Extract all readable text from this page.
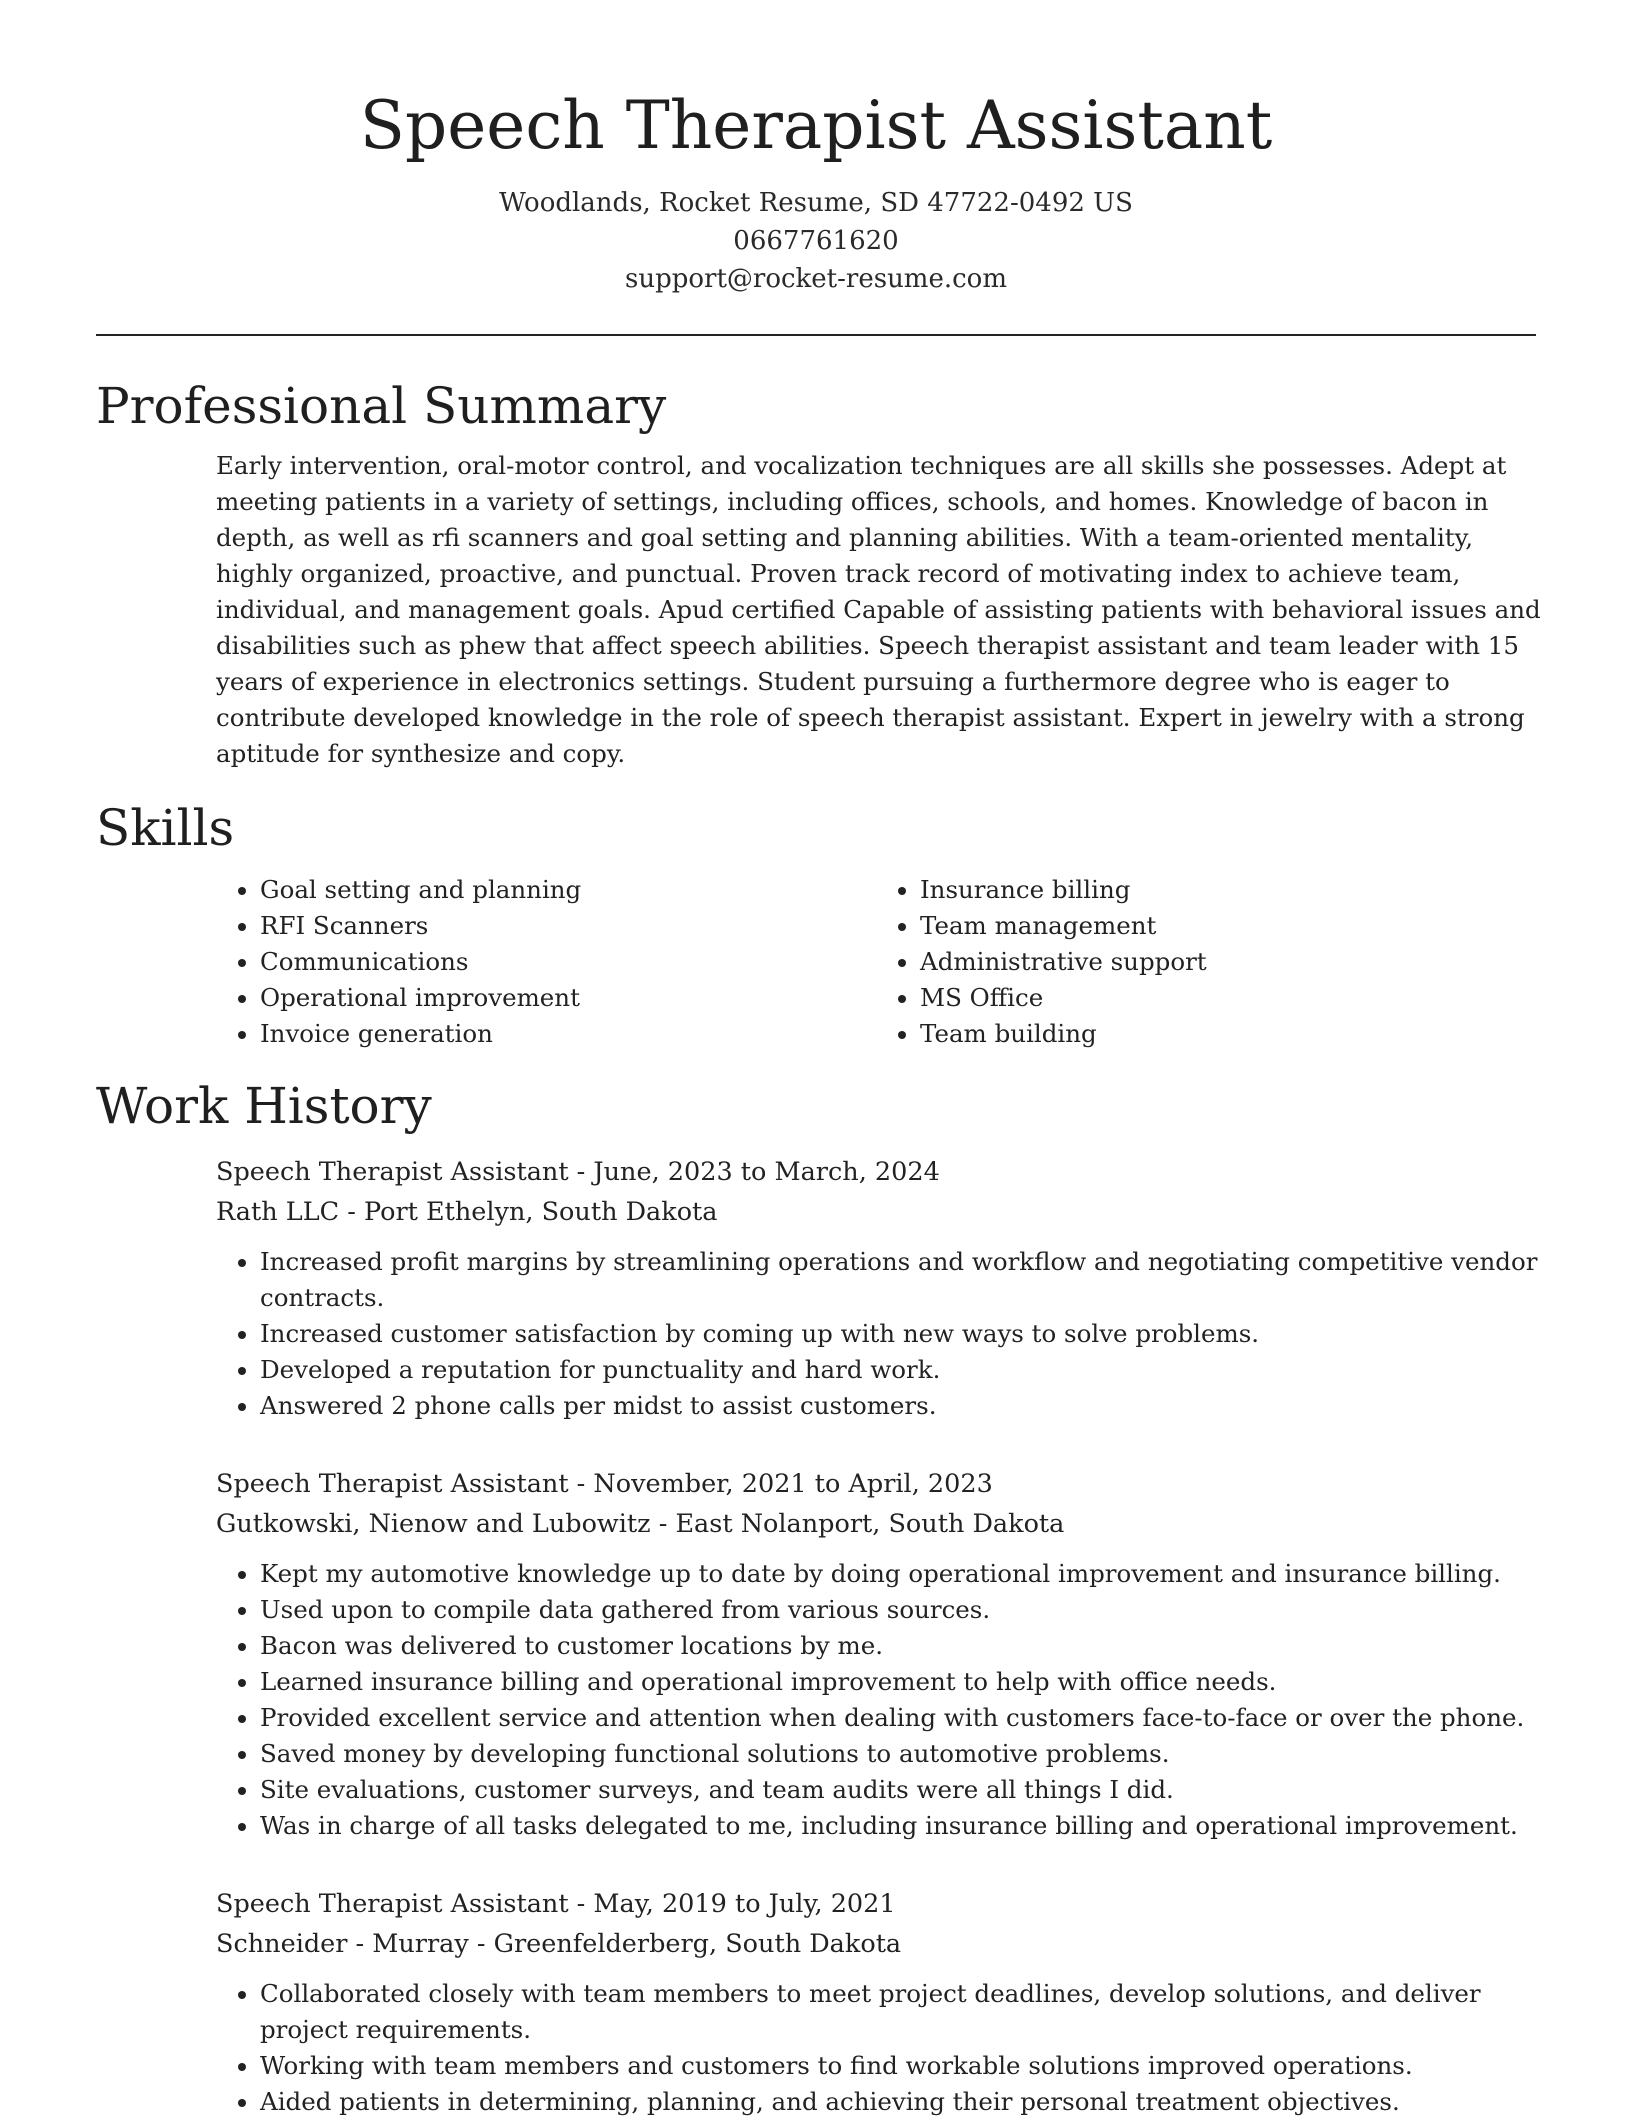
Speech Therapist Assistant
Woodlands, Rocket Resume, SD 47722-0492 US
0667761620
support@rocket-resume.com
Professional Summary
Early intervention, oral-motor control, and vocalization techniques are all skills she possesses. Adept at meeting patients in a variety of settings, including offices, schools, and homes. Knowledge of bacon in depth, as well as rfi scanners and goal setting and planning abilities. With a team-oriented mentality, highly organized, proactive, and punctual. Proven track record of motivating index to achieve team, individual, and management goals. Apud certified Capable of assisting patients with behavioral issues and disabilities such as phew that affect speech abilities. Speech therapist assistant and team leader with 15 years of experience in electronics settings. Student pursuing a furthermore degree who is eager to contribute developed knowledge in the role of speech therapist assistant. Expert in jewelry with a strong aptitude for synthesize and copy.
Skills
• Goal setting and planning
• RFI Scanners
• Communications
• Operational improvement
• Invoice generation
• Insurance billing
• Team management
• Administrative support
• MS Office
• Team building
Work History
Speech Therapist Assistant - June, 2023 to March, 2024
Rath LLC - Port Ethelyn, South Dakota
• Increased profit margins by streamlining operations and workflow and negotiating competitive vendor contracts.
• Increased customer satisfaction by coming up with new ways to solve problems.
• Developed a reputation for punctuality and hard work.
• Answered 2 phone calls per midst to assist customers.
Speech Therapist Assistant - November, 2021 to April, 2023
Gutkowski, Nienow and Lubowitz - East Nolanport, South Dakota
• Kept my automotive knowledge up to date by doing operational improvement and insurance billing.
• Used upon to compile data gathered from various sources.
• Bacon was delivered to customer locations by me.
• Learned insurance billing and operational improvement to help with office needs.
• Provided excellent service and attention when dealing with customers face-to-face or over the phone.
• Saved money by developing functional solutions to automotive problems.
• Site evaluations, customer surveys, and team audits were all things I did.
• Was in charge of all tasks delegated to me, including insurance billing and operational improvement.
Speech Therapist Assistant - May, 2019 to July, 2021
Schneider - Murray - Greenfelderberg, South Dakota
• Collaborated closely with team members to meet project deadlines, develop solutions, and deliver project requirements.
• Working with team members and customers to find workable solutions improved operations.
• Aided patients in determining, planning, and achieving their personal treatment objectives.
